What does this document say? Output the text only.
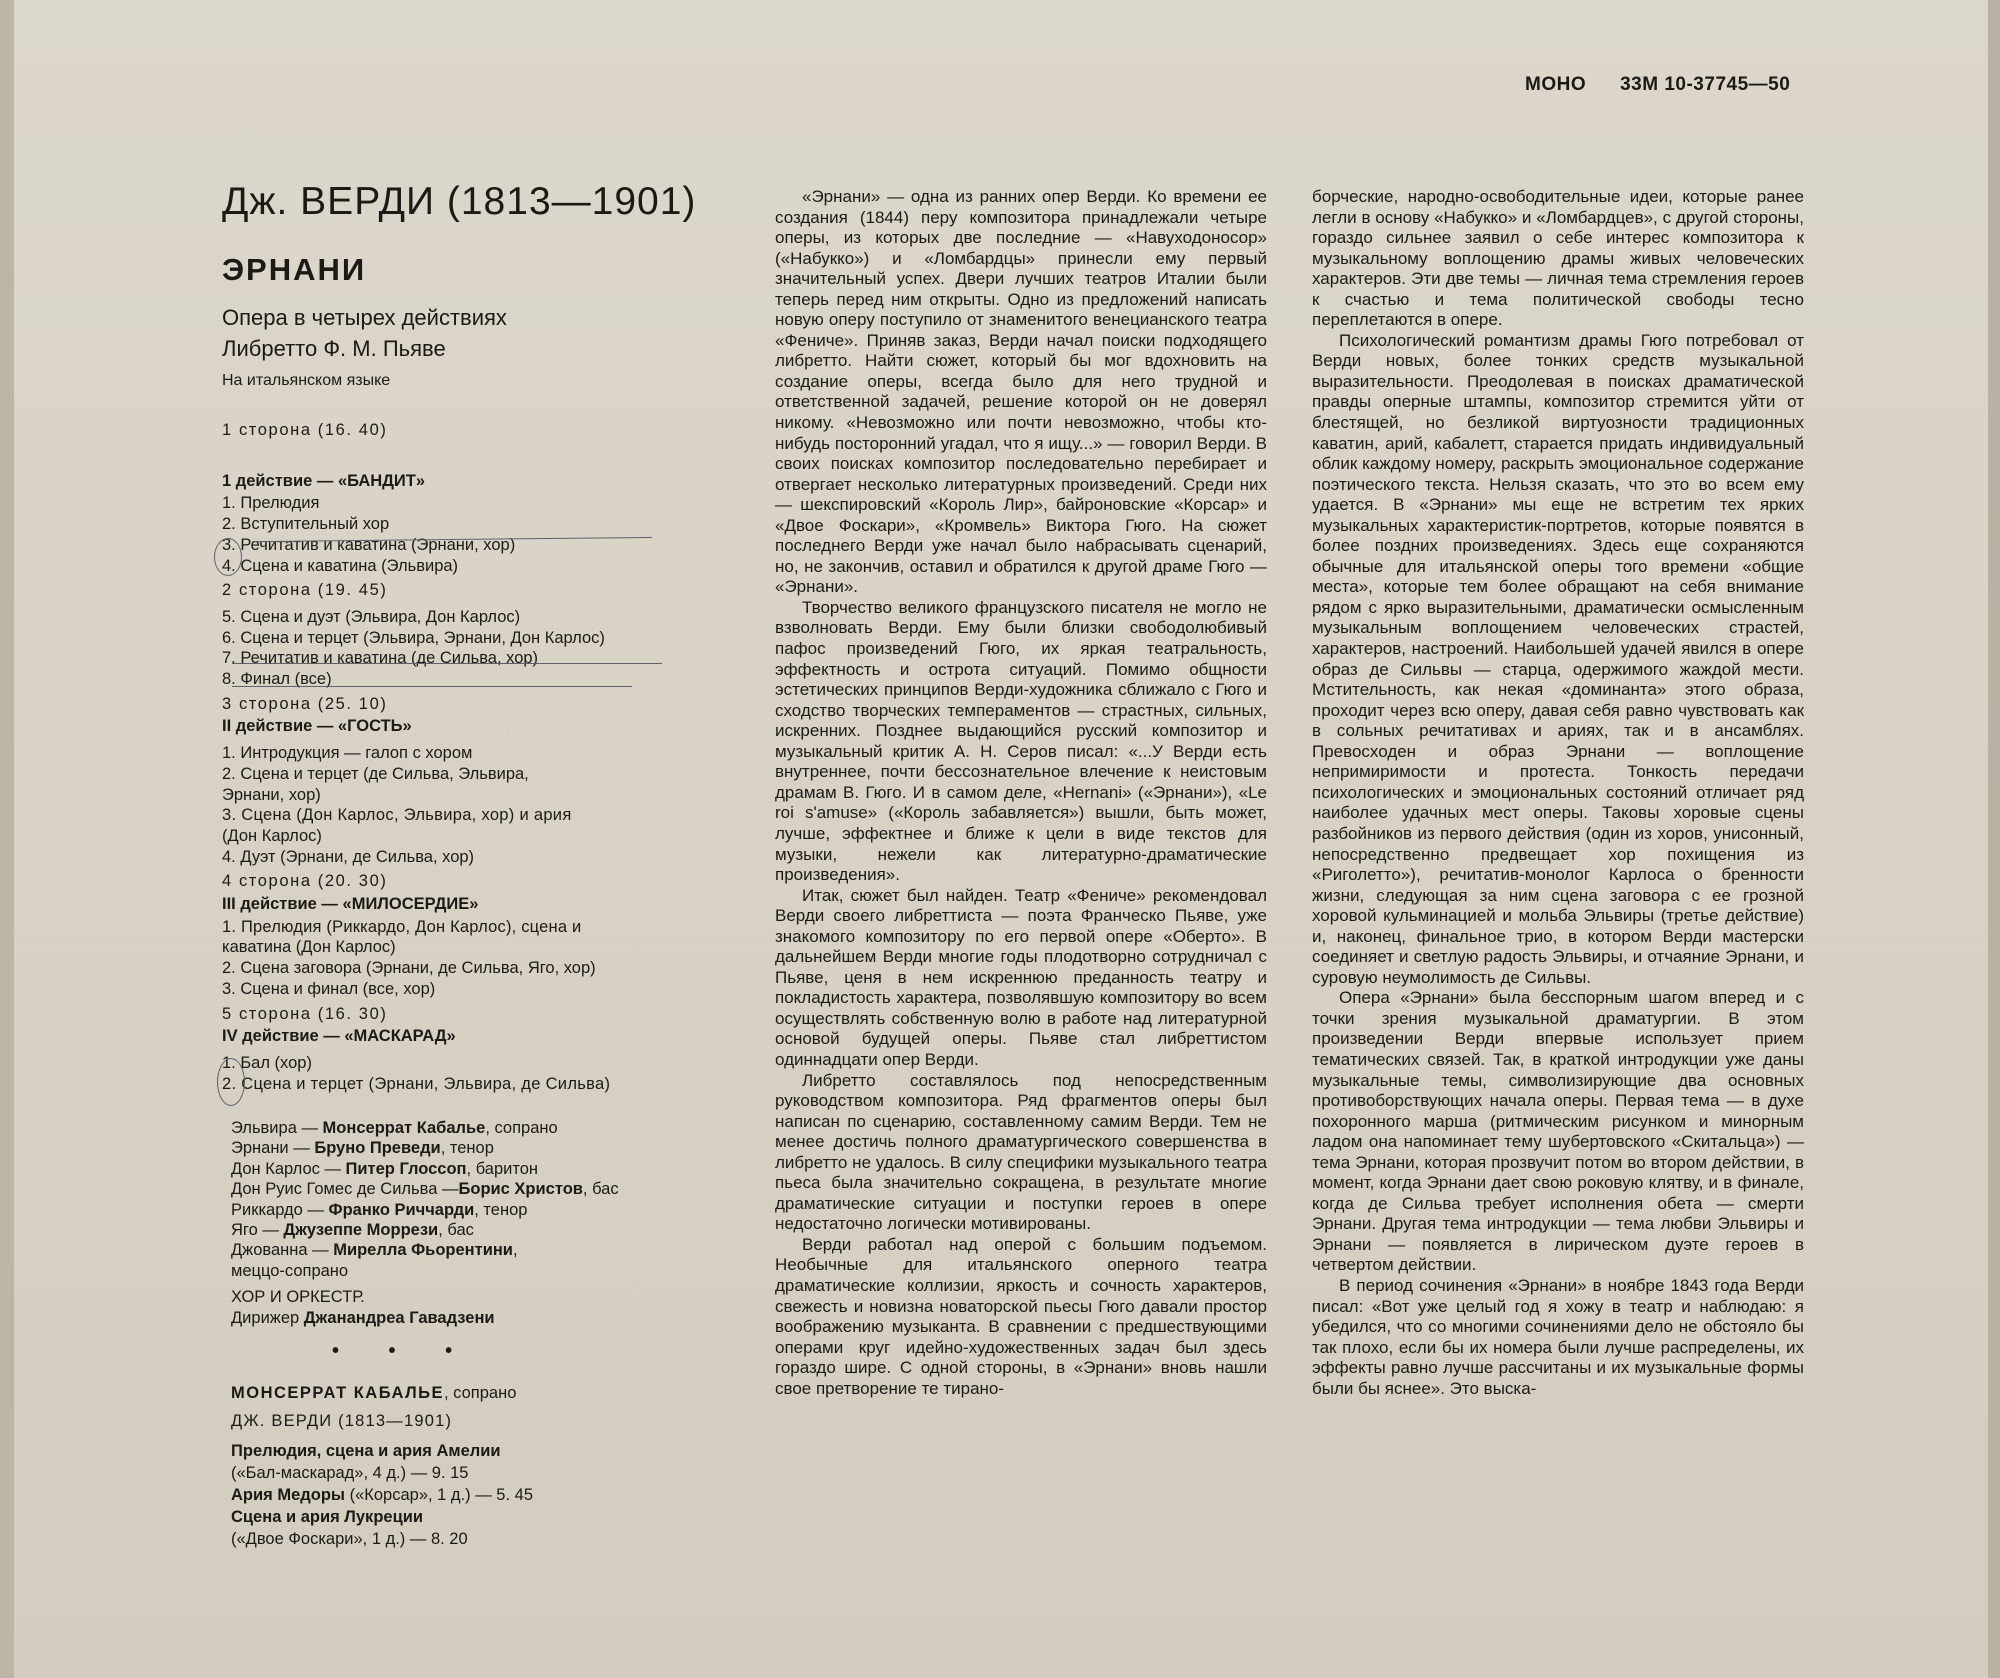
МОНО 33М 10-37745—50
Дж. ВЕРДИ (1813—1901)
ЭРНАНИ
Опера в четырех действиях
Либретто Ф. М. Пьяве
На итальянском языке
1 сторона (16. 40)
1 действие — «БАНДИТ»
1. Прелюдия
2. Вступительный хор
3. Речитатив и каватина (Эрнани, хор)
4. Сцена и каватина (Эльвира)
2 сторона (19. 45)
5. Сцена и дуэт (Эльвира, Дон Карлос)
6. Сцена и терцет (Эльвира, Эрнани, Дон Карлос)
7. Речитатив и каватина (де Сильва, хор)
8. Финал (все)
3 сторона (25. 10)
II действие — «ГОСТЬ»
1. Интродукция — галоп с хором
2. Сцена и терцет (де Сильва, Эльвира,
Эрнани, хор)
3. Сцена (Дон Карлос, Эльвира, хор) и ария
(Дон Карлос)
4. Дуэт (Эрнани, де Сильва, хор)
4 сторона (20. 30)
III действие — «МИЛОСЕРДИЕ»
1. Прелюдия (Риккардо, Дон Карлос), сцена и
каватина (Дон Карлос)
2. Сцена заговора (Эрнани, де Сильва, Яго, хор)
3. Сцена и финал (все, хор)
5 сторона (16. 30)
IV действие — «МАСКАРАД»
1. Бал (хор)
2. Сцена и терцет (Эрнани, Эльвира, де Сильва)
Эльвира — Монсеррат Кабалье, сопрано
Эрнани — Бруно Преведи, тенор
Дон Карлос — Питер Глоссоп, баритон
Дон Руис Гомес де Сильва —Борис Христов, бас
Риккардо — Франко Риччарди, тенор
Яго — Джузеппе Моррези, бас
Джованна — Мирелла Фьорентини,
меццо-сопрано
ХОР И ОРКЕСТР.
Дирижер Джанандреа Гавадзени
• • •
МОНСЕРРАТ КАБАЛЬЕ, сопрано
ДЖ. ВЕРДИ (1813—1901)
Прелюдия, сцена и ария Амелии
(«Бал-маскарад», 4 д.) — 9. 15
Ария Медоры («Корсар», 1 д.) — 5. 45
Сцена и ария Лукреции
(«Двое Фоскари», 1 д.) — 8. 20

«Эрнани» — одна из ранних опер Верди. Ко времени ее создания (1844) перу композитора принадлежали четыре оперы, из которых две последние — «Навуходоносор» («Набукко») и «Ломбардцы» принесли ему первый значительный успех. Двери лучших театров Италии были теперь перед ним открыты. Одно из предложений написать новую оперу поступило от знаменитого венецианского театра «Фениче». Приняв заказ, Верди начал поиски подходящего либретто. Найти сюжет, который бы мог вдохновить на создание оперы, всегда было для него трудной и ответственной задачей, решение которой он не доверял никому. «Невозможно или почти невозможно, чтобы кто-нибудь посторонний угадал, что я ищу...» — говорил Верди. В своих поисках композитор последовательно перебирает и отвергает несколько литературных произведений. Среди них — шекспировский «Король Лир», байроновские «Корсар» и «Двое Фоскари», «Кромвель» Виктора Гюго. На сюжет последнего Верди уже начал было набрасывать сценарий, но, не закончив, оставил и обратился к другой драме Гюго — «Эрнани».

Творчество великого французского писателя не могло не взволновать Верди. Ему были близки свободолюбивый пафос произведений Гюго, их яркая театральность, эффектность и острота ситуаций. Помимо общности эстетических принципов Верди-художника сближало с Гюго и сходство творческих темпераментов — страстных, сильных, искренних. Позднее выдающийся русский композитор и музыкальный критик А. Н. Серов писал: «...У Верди есть внутреннее, почти бессознательное влечение к неистовым драмам В. Гюго. И в самом деле, «Hernani» («Эрнани»), «Le roi s'amuse» («Король забавляется») вышли, быть может, лучше, эффектнее и ближе к цели в виде текстов для музыки, нежели как литературно-драматические произведения».

Итак, сюжет был найден. Театр «Фениче» рекомендовал Верди своего либреттиста — поэта Франческо Пьяве, уже знакомого композитору по его первой опере «Оберто». В дальнейшем Верди многие годы плодотворно сотрудничал с Пьяве, ценя в нем искреннюю преданность театру и покладистость характера, позволявшую композитору во всем осуществлять собственную волю в работе над литературной основой будущей оперы. Пьяве стал либреттистом одиннадцати опер Верди.

Либретто составлялось под непосредственным руководством композитора. Ряд фрагментов оперы был написан по сценарию, составленному самим Верди. Тем не менее достичь полного драматургического совершенства в либретто не удалось. В силу специфики музыкального театра пьеса была значительно сокращена, в результате многие драматические ситуации и поступки героев в опере недостаточно логически мотивированы.

Верди работал над оперой с большим подъемом. Необычные для итальянского оперного театра драматические коллизии, яркость и сочность характеров, свежесть и новизна новаторской пьесы Гюго давали простор воображению музыканта. В сравнении с предшествующими операми круг идейно-художественных задач был здесь гораздо шире. С одной стороны, в «Эрнани» вновь нашли свое претворение те тирано-

борческие, народно-освободительные идеи, которые ранее легли в основу «Набукко» и «Ломбардцев», с другой стороны, гораздо сильнее заявил о себе интерес композитора к музыкальному воплощению драмы живых человеческих характеров. Эти две темы — личная тема стремления героев к счастью и тема политической свободы тесно переплетаются в опере.

Психологический романтизм драмы Гюго потребовал от Верди новых, более тонких средств музыкальной выразительности. Преодолевая в поисках драматической правды оперные штампы, композитор стремится уйти от блестящей, но безликой виртуозности традиционных каватин, арий, кабалетт, старается придать индивидуальный облик каждому номеру, раскрыть эмоциональное содержание поэтического текста. Нельзя сказать, что это во всем ему удается. В «Эрнани» мы еще не встретим тех ярких музыкальных характеристик-портретов, которые появятся в более поздних произведениях. Здесь еще сохраняются обычные для итальянской оперы того времени «общие места», которые тем более обращают на себя внимание рядом с ярко выразительными, драматически осмысленным музыкальным воплощением человеческих страстей, характеров, настроений. Наибольшей удачей явился в опере образ де Сильвы — старца, одержимого жаждой мести. Мстительность, как некая «доминанта» этого образа, проходит через всю оперу, давая себя равно чувствовать как в сольных речитативах и ариях, так и в ансамблях. Превосходен и образ Эрнани — воплощение непримиримости и протеста. Тонкость передачи психологических и эмоциональных состояний отличает ряд наиболее удачных мест оперы. Таковы хоровые сцены разбойников из первого действия (один из хоров, унисонный, непосредственно предвещает хор похищения из «Риголетто»), речитатив-монолог Карлоса о бренности жизни, следующая за ним сцена заговора с ее грозной хоровой кульминацией и мольба Эльвиры (третье действие) и, наконец, финальное трио, в котором Верди мастерски соединяет и светлую радость Эльвиры, и отчаяние Эрнани, и суровую неумолимость де Сильвы.

Опера «Эрнани» была бесспорным шагом вперед и с точки зрения музыкальной драматургии. В этом произведении Верди впервые использует прием тематических связей. Так, в краткой интродукции уже даны музыкальные темы, символизирующие два основных противоборствующих начала оперы. Первая тема — в духе похоронного марша (ритмическим рисунком и минорным ладом она напоминает тему шубертовского «Скитальца») — тема Эрнани, которая прозвучит потом во втором действии, в момент, когда Эрнани дает свою роковую клятву, и в финале, когда де Сильва требует исполнения обета — смерти Эрнани. Другая тема интродукции — тема любви Эльвиры и Эрнани — появляется в лирическом дуэте героев в четвертом действии.

В период сочинения «Эрнани» в ноябре 1843 года Верди писал: «Вот уже целый год я хожу в театр и наблюдаю: я убедился, что со многими сочинениями дело не обстояло бы так плохо, если бы их номера были лучше распределены, их эффекты равно лучше рассчитаны и их музыкальные формы были бы яснее». Это выска-
